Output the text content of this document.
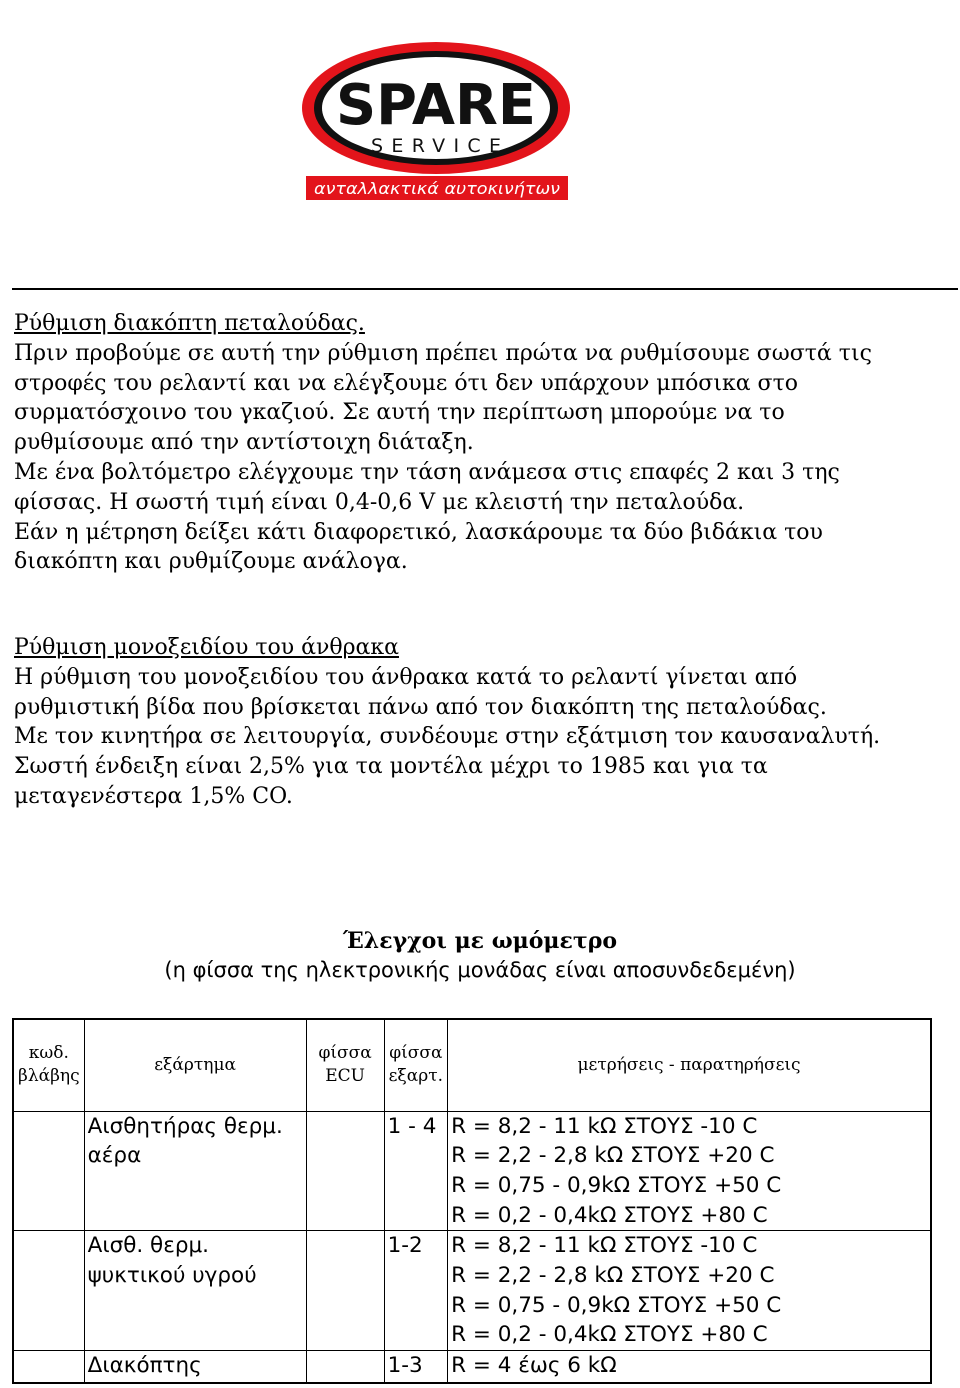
SPARE
SERVICE
ανταλλακτικά αυτοκινήτων

Ρύθμιση διακόπτη πεταλούδας.

Πριν προβούμε σε αυτή την ρύθμιση πρέπει πρώτα να ρυθμίσουμε σωστά τις

στροφές του ρελαντί και να ελέγξουμε ότι δεν υπάρχουν μπόσικα στο

συρματόσχοινο του γκαζιού. Σε αυτή την περίπτωση μπορούμε να το

ρυθμίσουμε από την αντίστοιχη διάταξη.

Με ένα βολτόμετρο ελέγχουμε την τάση ανάμεσα στις επαφές 2 και 3 της

φίσσας. Η σωστή τιμή είναι 0,4-0,6 V με κλειστή την πεταλούδα.

Εάν η μέτρηση δείξει κάτι διαφορετικό, λασκάρουμε τα δύο βιδάκια του

διακόπτη και ρυθμίζουμε ανάλογα.

Ρύθμιση μονοξειδίου του άνθρακα

Η ρύθμιση του μονοξειδίου του άνθρακα κατά το ρελαντί γίνεται από

ρυθμιστική βίδα που βρίσκεται πάνω από τον διακόπτη της πεταλούδας.

Με τον κινητήρα σε λειτουργία, συνδέουμε στην εξάτμιση τον καυσαναλυτή.

Σωστή ένδειξη είναι 2,5% για τα μοντέλα μέχρι το 1985 και για τα

μεταγενέστερα 1,5% CO.

Έλεγχοι με ωμόμετρο
(η φίσσα της ηλεκτρονικής μονάδας είναι αποσυνδεδεμένη)
κωδ. βλάβης	εξάρτημα	φίσσα ECU	φίσσα εξαρτ.	μετρήσεις - παρατηρήσεις
	Αισθητήρας θερμ. αέρα		1 - 4	R = 8,2 - 11 kΩ ΣΤΟΥΣ -10 C
R = 2,2 - 2,8 kΩ ΣΤΟΥΣ +20 C
R = 0,75 - 0,9kΩ ΣΤΟΥΣ +50 C
R = 0,2 - 0,4kΩ ΣΤΟΥΣ +80 C

	Αισθ. θερμ. ψυκτικού υγρού		1-2	R = 8,2 - 11 kΩ ΣΤΟΥΣ -10 C
R = 2,2 - 2,8 kΩ ΣΤΟΥΣ +20 C
R = 0,75 - 0,9kΩ ΣΤΟΥΣ +50 C
R = 0,2 - 0,4kΩ ΣΤΟΥΣ +80 C

	Διακόπτης		1-3	R = 4 έως 6 kΩ
